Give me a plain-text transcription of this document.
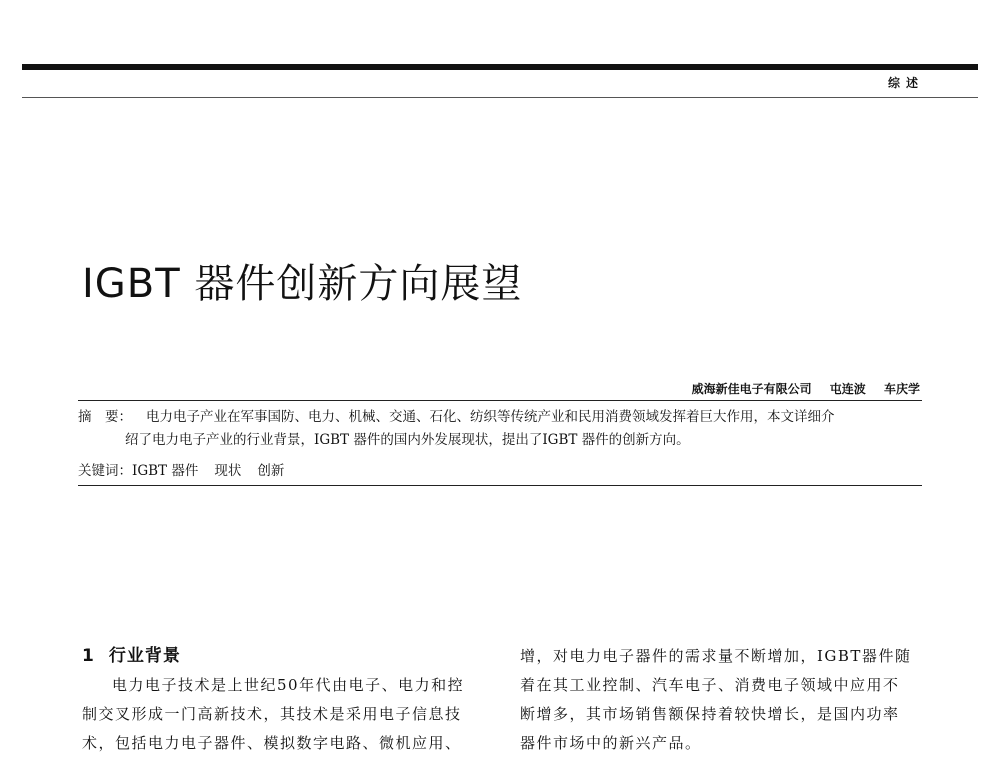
综述
IGBT 器件创新方向展望
威海新佳电子有限公司 屯连波 车庆学
摘　要：	电力电子产业在军事国防、电力、机械、交通、石化、纺织等传统产业和民用消费领域发挥着巨大作用，本文详细介
绍了电力电子产业的行业背景，IGBT 器件的国内外发展现状，提出了IGBT 器件的创新方向。
关键词：IGBT 器件 现状 创新
1 行业背景
电力电子技术是上世纪50年代由电子、电力和控
制交叉形成一门高新技术，其技术是采用电子信息技
术，包括电力电子器件、模拟数字电路、微机应用、
增，对电力电子器件的需求量不断增加，IGBT器件随
着在其工业控制、汽车电子、消费电子领域中应用不
断增多，其市场销售额保持着较快增长，是国内功率
器件市场中的新兴产品。
